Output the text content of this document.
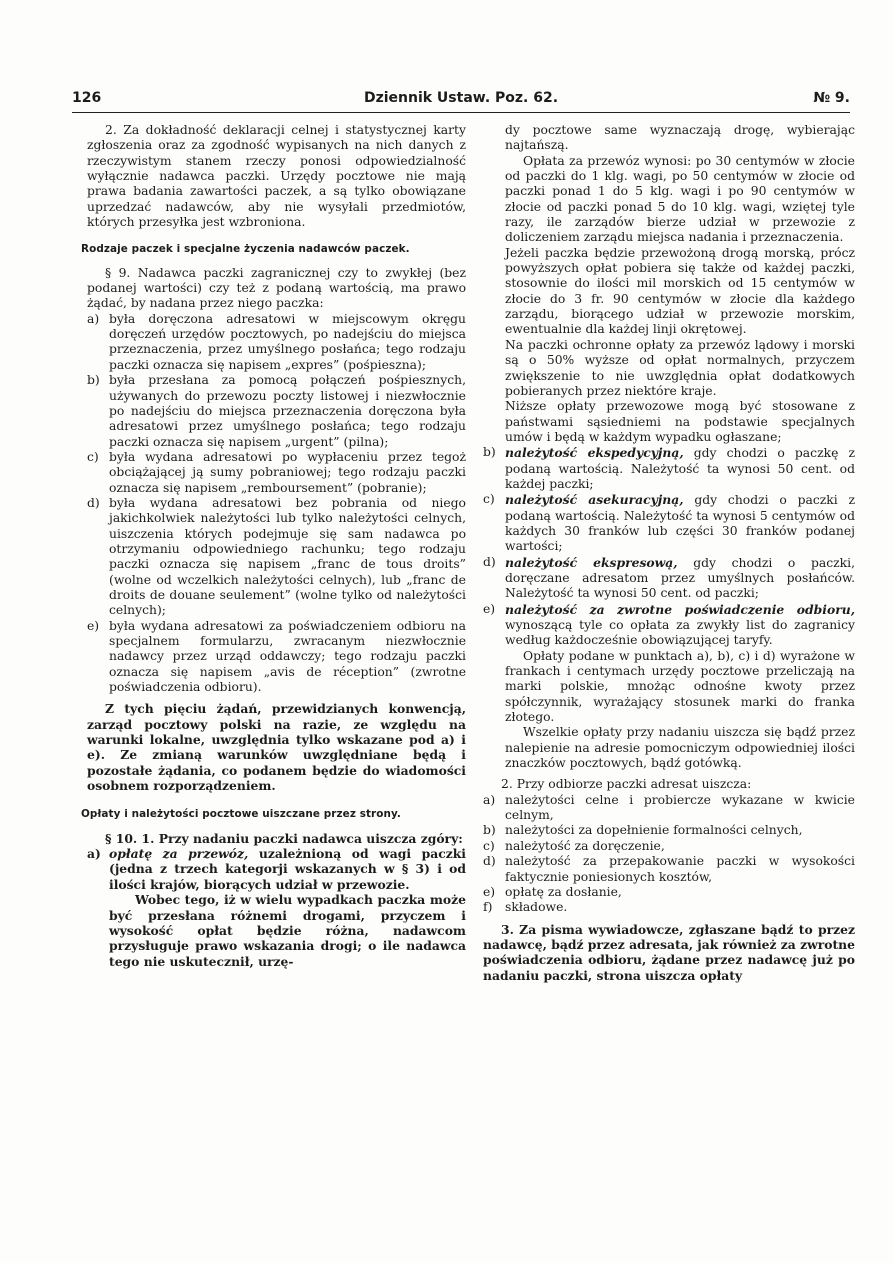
126	Dziennik Ustaw. Poz. 62.	№ 9.

2. Za dokładność deklaracji celnej i statystycznej karty zgłoszenia oraz za zgodność wypisanych na nich danych z rzeczywistym stanem rzeczy ponosi odpowiedzialność wyłącznie nadawca paczki. Urzędy pocztowe nie mają prawa badania zawartości paczek, a są tylko obowiązane uprzedzać nadawców, aby nie wysyłali przedmiotów, których przesyłka jest wzbroniona.

Rodzaje paczek i specjalne życzenia nadawców paczek.

§ 9. Nadawca paczki zagranicznej czy to zwykłej (bez podanej wartości) czy też z podaną wartością, ma prawo żądać, by nadana przez niego paczka:

a) była doręczona adresatowi w miejscowym okręgu doręczeń urzędów pocztowych, po nadejściu do miejsca przeznaczenia, przez umyślnego posłańca; tego rodzaju paczki oznacza się napisem „expres” (pośpieszna);
b) była przesłana za pomocą połączeń pośpiesznych, używanych do przewozu poczty listowej i niezwłocznie po nadejściu do miejsca przeznaczenia doręczona była adresatowi przez umyślnego posłańca; tego rodzaju paczki oznacza się napisem „urgent” (pilna);
c) była wydana adresatowi po wypłaceniu przez tegoż obciążającej ją sumy pobraniowej; tego rodzaju paczki oznacza się napisem „remboursement” (pobranie);
d) była wydana adresatowi bez pobrania od niego jakichkolwiek należytości lub tylko należytości celnych, uiszczenia których podejmuje się sam nadawca po otrzymaniu odpowiedniego rachunku; tego rodzaju paczki oznacza się napisem „franc de tous droits” (wolne od wczelkich należytości celnych), lub „franc de droits de douane seulement” (wolne tylko od należytości celnych);
e) była wydana adresatowi za poświadczeniem odbioru na specjalnem formularzu, zwracanym niezwłocznie nadawcy przez urząd oddawczy; tego rodzaju paczki oznacza się napisem „avis de réception” (zwrotne poświadczenia odbioru).

Z tych pięciu żądań, przewidzianych konwencją, zarząd pocztowy polski na razie, ze względu na warunki lokalne, uwzględnia tylko wskazane pod a) i e). Ze zmianą warunków uwzględniane będą i pozostałe żądania, co podanem będzie do wiadomości osobnem rozporządzeniem.

Opłaty i należytości pocztowe uiszczane przez strony.

§ 10. 1. Przy nadaniu paczki nadawca uiszcza zgóry:

a) opłatę za przewóz, uzależnioną od wagi paczki (jedna z trzech kategorji wskazanych w § 3) i od ilości krajów, biorących udział w przewozie.

Wobec tego, iż w wielu wypadkach paczka może być przesłana różnemi drogami, przyczem i wysokość opłat będzie różna, nadawcom przysługuje prawo wskazania drogi; o ile nadawca tego nie uskutecznił, urzę-

dy pocztowe same wyznaczają drogę, wybierając najtańszą.

Opłata za przewóz wynosi: po 30 centymów w złocie od paczki do 1 klg. wagi, po 50 centymów w złocie od paczki ponad 1 do 5 klg. wagi i po 90 centymów w złocie od paczki ponad 5 do 10 klg. wagi, wziętej tyle razy, ile zarządów bierze udział w przewozie z doliczeniem zarządu miejsca nadania i przeznaczenia.

Jeżeli paczka będzie przewożoną drogą morską, prócz powyższych opłat pobiera się także od każdej paczki, stosownie do ilości mil morskich od 15 centymów w złocie do 3 fr. 90 centymów w złocie dla każdego zarządu, biorącego udział w przewozie morskim, ewentualnie dla każdej linji okrętowej.

Na paczki ochronne opłaty za przewóz lądowy i morski są o 50% wyższe od opłat normalnych, przyczem zwiększenie to nie uwzględnia opłat dodatkowych pobieranych przez niektóre kraje.

Niższe opłaty przewozowe mogą być stosowane z państwami sąsiedniemi na podstawie specjalnych umów i będą w każdym wypadku ogłaszane;

b) należytość ekspedycyjną, gdy chodzi o paczkę z podaną wartością. Należytość ta wynosi 50 cent. od każdej paczki;
c) należytość asekuracyjną, gdy chodzi o paczki z podaną wartością. Należytość ta wynosi 5 centymów od każdych 30 franków lub części 30 franków podanej wartości;
d) należytość ekspresową, gdy chodzi o paczki, doręczane adresatom przez umyślnych posłańców. Należytość ta wynosi 50 cent. od paczki;
e) należytość za zwrotne poświadczenie odbioru, wynoszącą tyle co opłata za zwykły list do zagranicy według każdocześnie obowiązującej taryfy.

Opłaty podane w punktach a), b), c) i d) wyrażone w frankach i centymach urzędy pocztowe przeliczają na marki polskie, mnożąc odnośne kwoty przez spółczynnik, wyrażający stosunek marki do franka złotego.

Wszelkie opłaty przy nadaniu uiszcza się bądź przez nalepienie na adresie pomocniczym odpowiedniej ilości znaczków pocztowych, bądź gotówką.

2. Przy odbiorze paczki adresat uiszcza:

a) należytości celne i probiercze wykazane w kwicie celnym,
b) należytości za dopełnienie formalności celnych,
c) należytość za doręczenie,
d) należytość za przepakowanie paczki w wysokości faktycznie poniesionych kosztów,
e) opłatę za dosłanie,
f)	składowe.

3. Za pisma wywiadowcze, zgłaszane bądź to przez nadawcę, bądź przez adresata, jak również za zwrotne poświadczenia odbioru, żądane przez nadawcę już po nadaniu paczki, strona uiszcza opłaty
